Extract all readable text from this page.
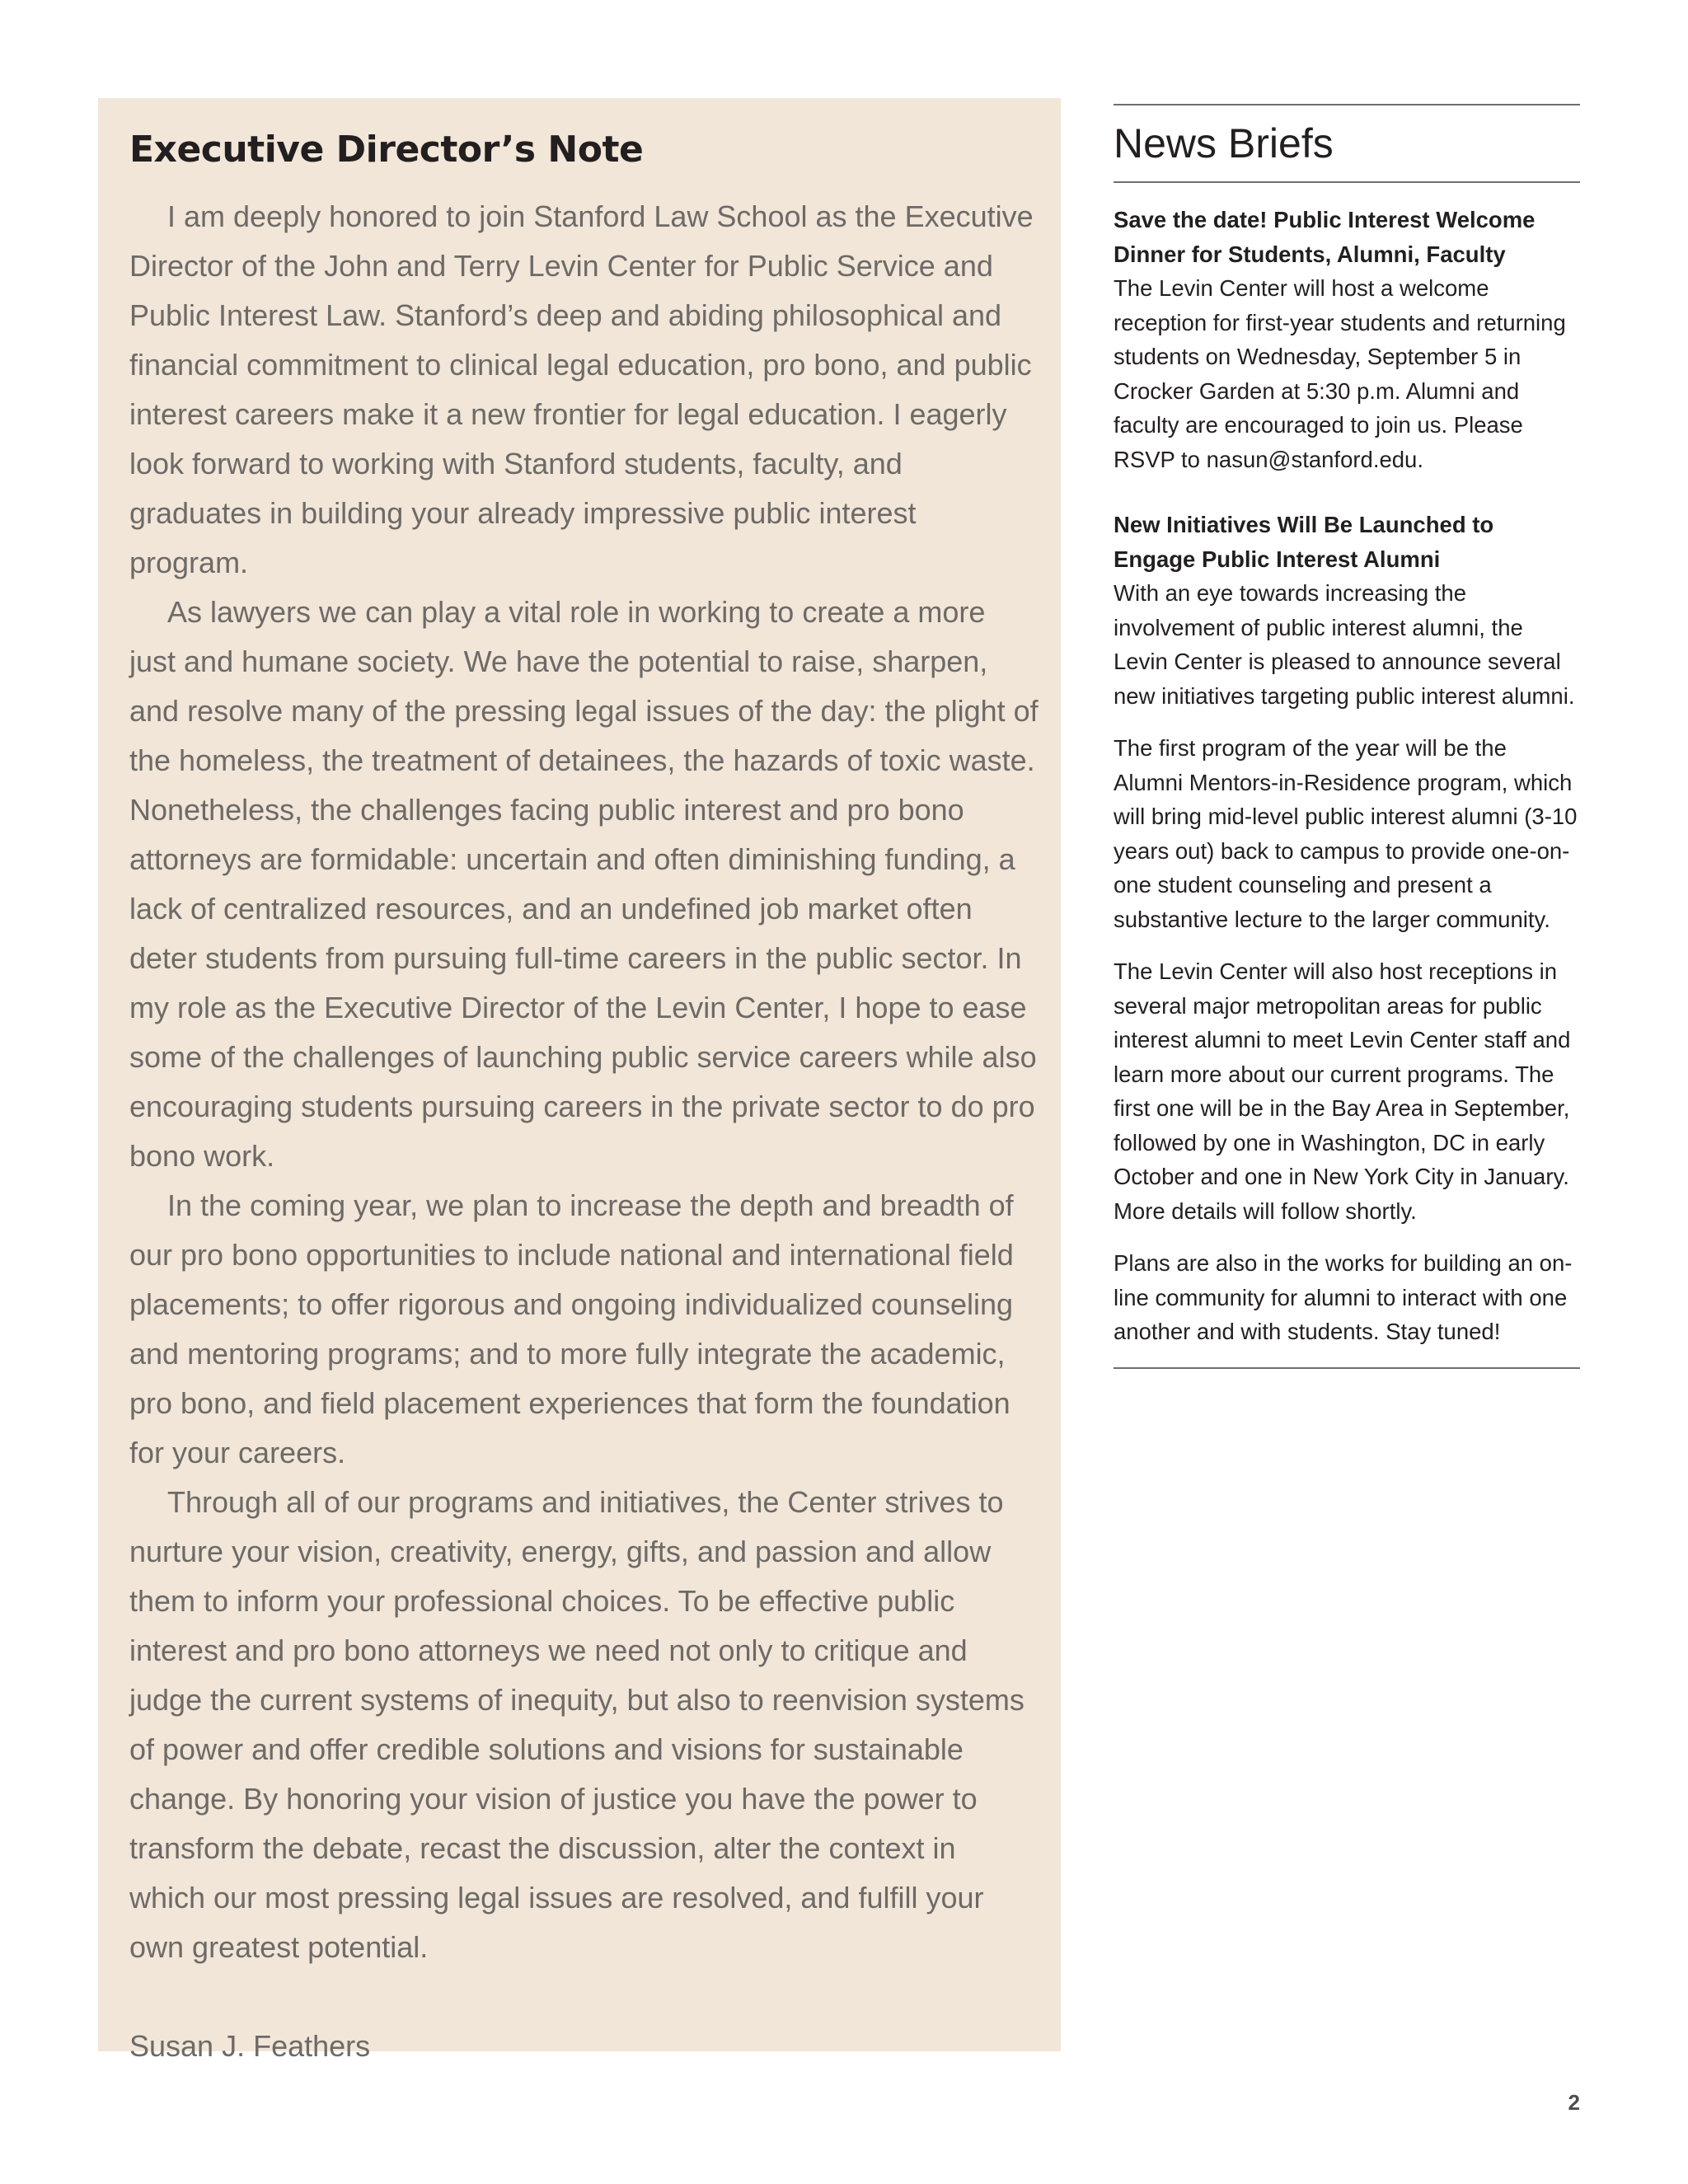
Executive Director’s Note

I am deeply honored to join Stanford Law School as the Executive Director of the John and Terry Levin Center for Public Service and Public Interest Law. Stanford’s deep and abiding philosophical and financial commitment to clinical legal education, pro bono, and public interest careers make it a new frontier for legal education. I eagerly look forward to working with Stanford students, faculty, and graduates in building your already impressive public interest program.

As lawyers we can play a vital role in working to create a more just and humane society. We have the potential to raise, sharpen, and resolve many of the pressing legal issues of the day: the plight of the homeless, the treatment of detainees, the hazards of toxic waste. Nonetheless, the challenges facing public interest and pro bono attorneys are formidable: uncertain and often diminishing funding, a lack of centralized resources, and an undefined job market often deter students from pursuing full-time careers in the public sector. In my role as the Executive Director of the Levin Center, I hope to ease some of the challenges of launching public service careers while also encouraging students pursuing careers in the private sector to do pro bono work.

In the coming year, we plan to increase the depth and breadth of our pro bono opportunities to include national and international field placements; to offer rigorous and ongoing individualized counseling and mentoring programs; and to more fully integrate the academic, pro bono, and field placement experiences that form the foundation for your careers.

Through all of our programs and initiatives, the Center strives to nurture your vision, creativity, energy, gifts, and passion and allow them to inform your professional choices. To be effective public interest and pro bono attorneys we need not only to critique and judge the current systems of inequity, but also to reenvision systems of power and offer credible solutions and visions for sustainable change. By honoring your vision of justice you have the power to transform the debate, recast the discussion, alter the context in which our most pressing legal issues are resolved, and fulfill your own greatest potential.

Susan J. Feathers
News Briefs
Save the date! Public Interest Welcome Dinner for Students, Alumni, Faculty

The Levin Center will host a welcome reception for first-year students and returning students on Wednesday, September 5 in Crocker Garden at 5:30 p.m. Alumni and faculty are encouraged to join us. Please RSVP to nasun@stanford.edu.

New Initiatives Will Be Launched to Engage Public Interest Alumni

With an eye towards increasing the involvement of public interest alumni, the Levin Center is pleased to announce several new initiatives targeting public interest alumni.

The first program of the year will be the Alumni Mentors-in-Residence program, which will bring mid-level public interest alumni (3-10 years out) back to campus to provide one-on-one student counseling and present a substantive lecture to the larger community.

The Levin Center will also host receptions in several major metropolitan areas for public interest alumni to meet Levin Center staff and learn more about our current programs. The first one will be in the Bay Area in September, followed by one in Washington, DC in early October and one in New York City in January. More details will follow shortly.

Plans are also in the works for building an on-line community for alumni to interact with one another and with students. Stay tuned!

2
